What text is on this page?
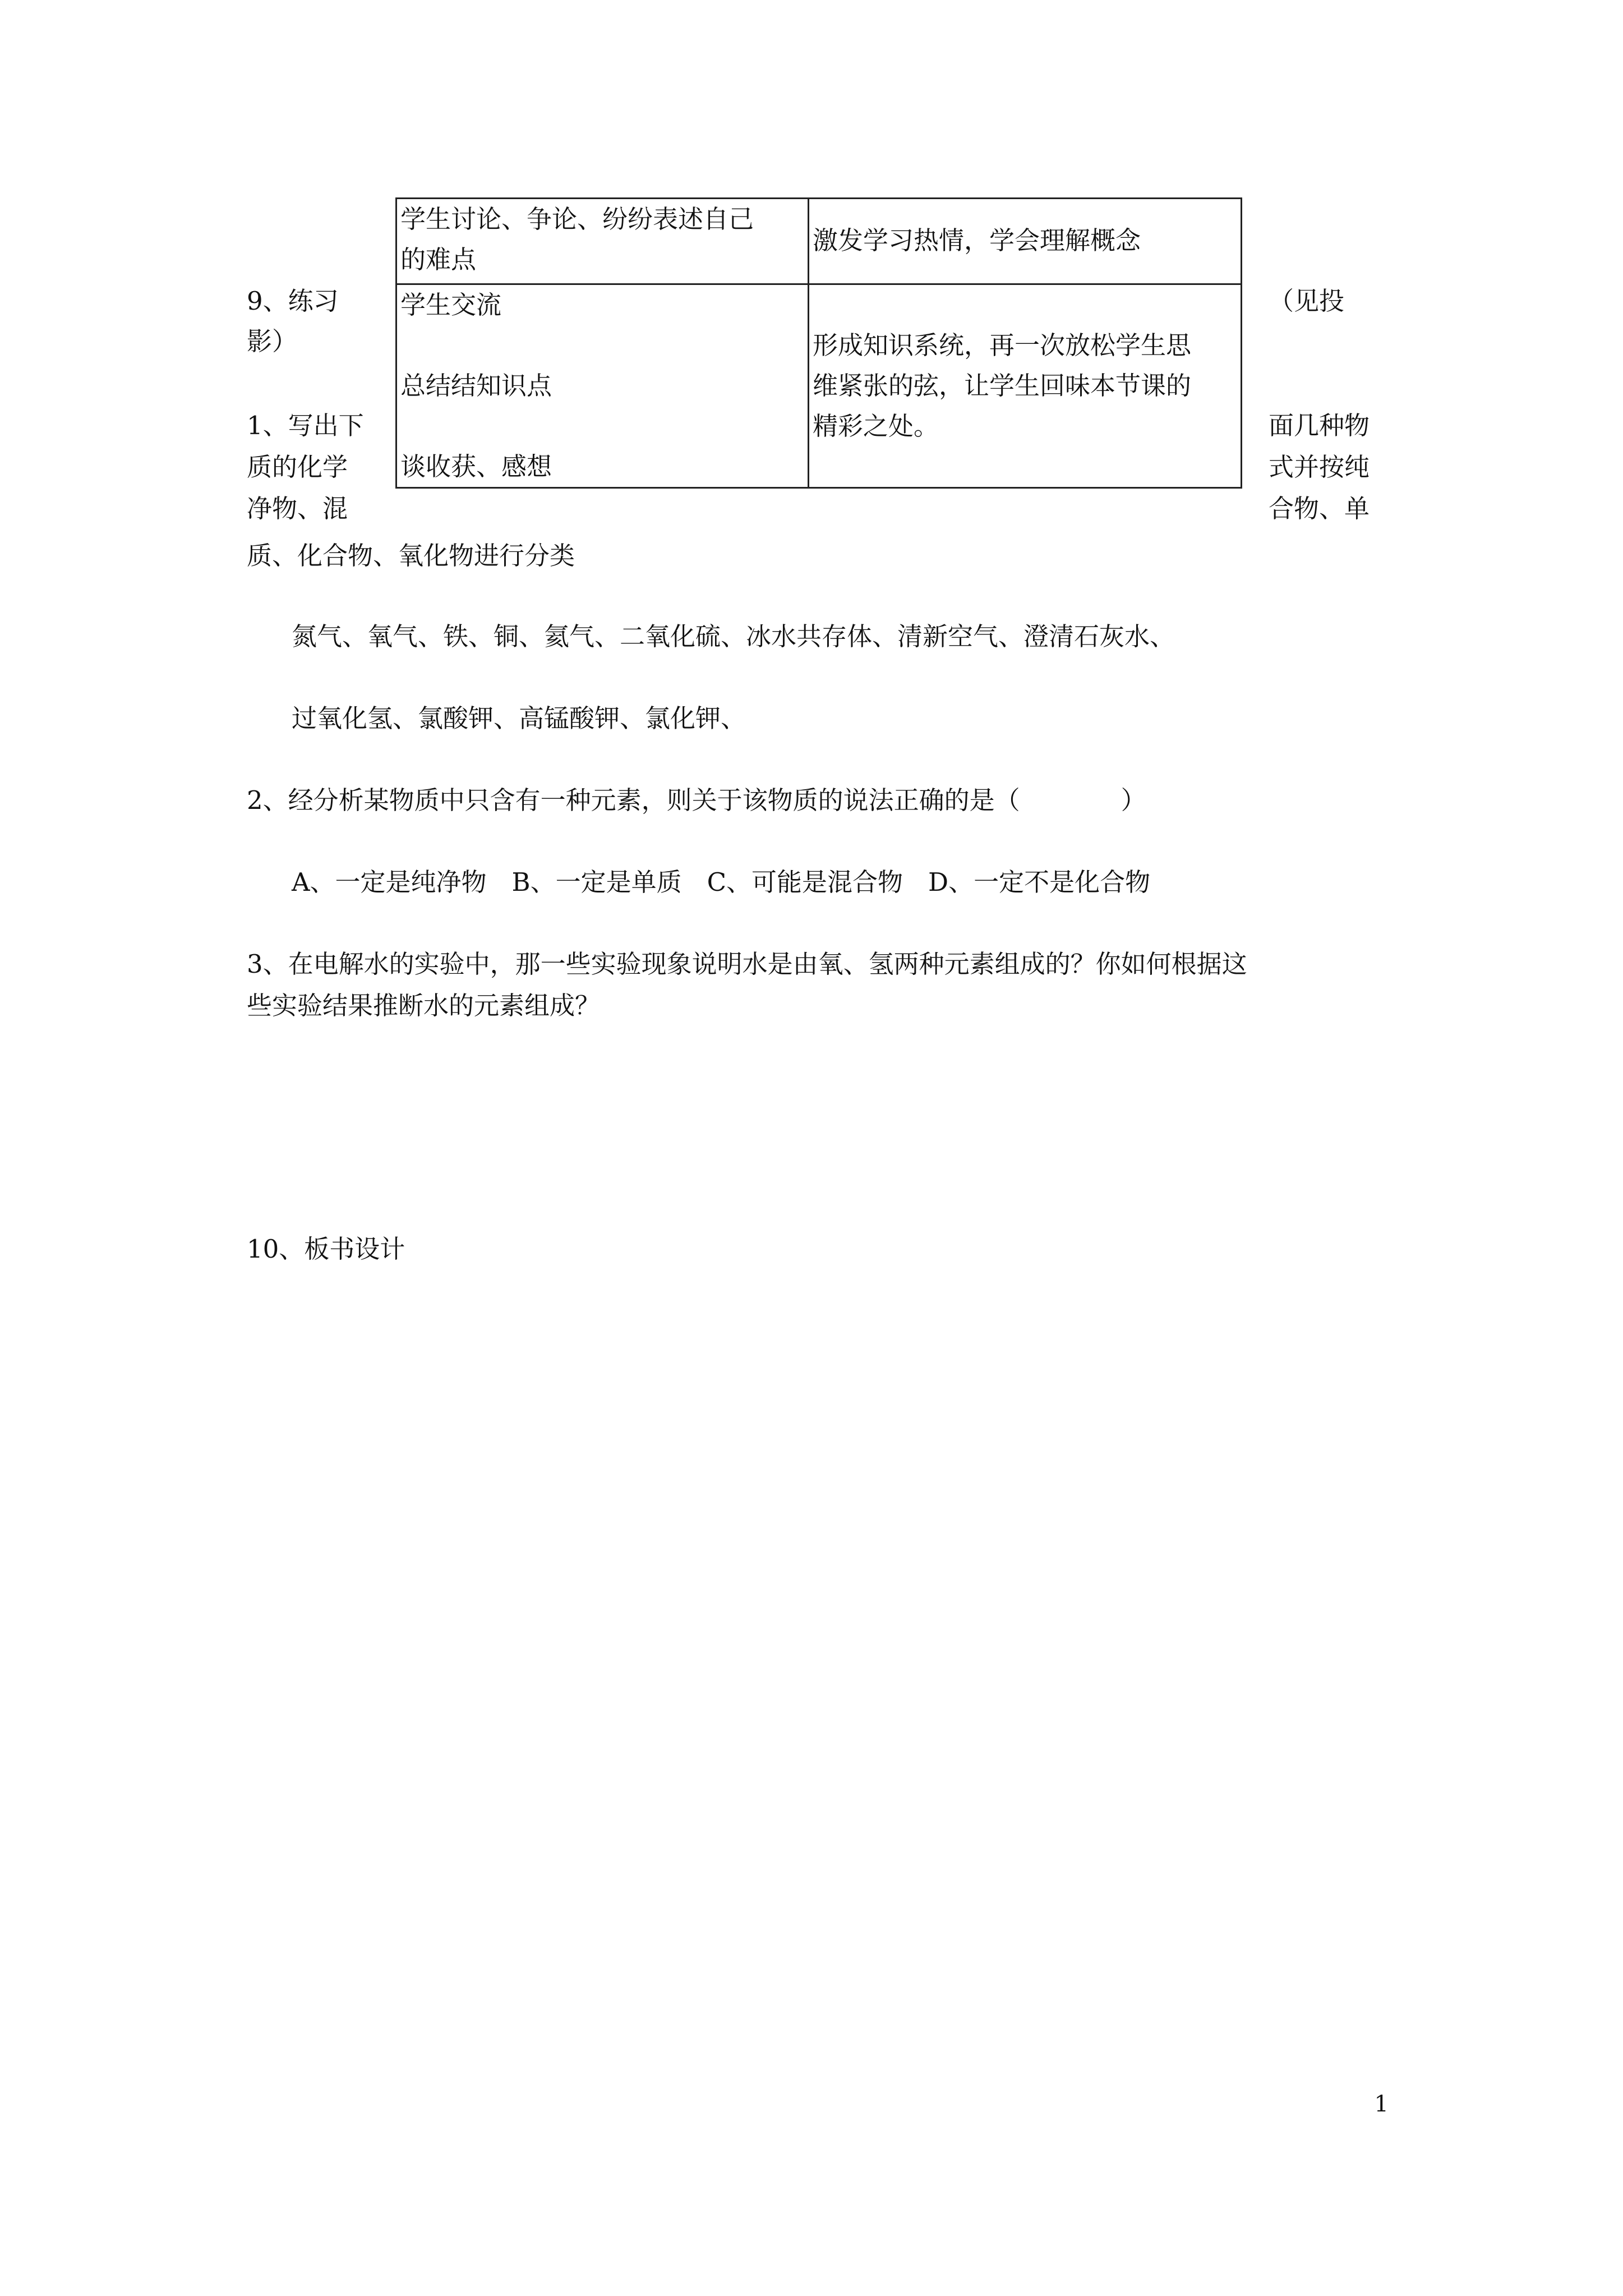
学生讨论、争论、纷纷表述自己
的难点	激发学习热情，学会理解概念

学生交流
总结结知识点
谈收获、感想	形成知识系统，再一次放松学生思
维紧张的弦，让学生回味本节课的
精彩之处。
9、练习
影）
（见投
1、写出下
质的化学
净物、混
面几种物
式并按纯
合物、单
质、化合物、氧化物进行分类
氮气、氧气、铁、铜、氦气、二氧化硫、冰水共存体、清新空气、澄清石灰水、
过氧化氢、氯酸钾、高锰酸钾、氯化钾、
2、经分析某物质中只含有一种元素，则关于该物质的说法正确的是（　　　　）
A、一定是纯净物　B、一定是单质　C、可能是混合物　D、一定不是化合物
3、在电解水的实验中，那一些实验现象说明水是由氧、氢两种元素组成的？你如何根据这
些实验结果推断水的元素组成？
10、板书设计
1
